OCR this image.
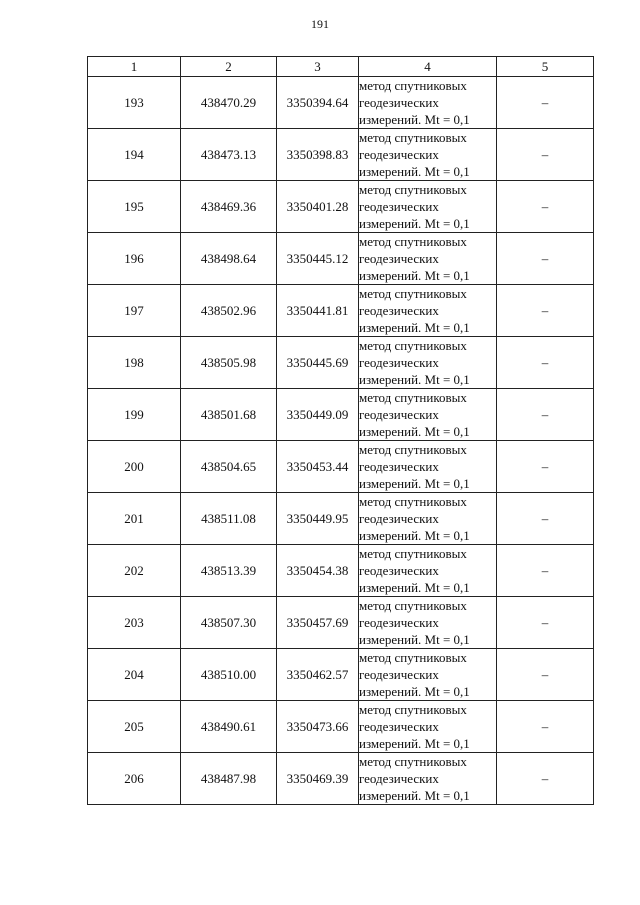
191
1	2	3	4	5
193	438470.29	3350394.64	метод спутниковых
геодезических
измерений. Mt = 0,1	–
194	438473.13	3350398.83	метод спутниковых
геодезических
измерений. Mt = 0,1	–
195	438469.36	3350401.28	метод спутниковых
геодезических
измерений. Mt = 0,1	–
196	438498.64	3350445.12	метод спутниковых
геодезических
измерений. Mt = 0,1	–
197	438502.96	3350441.81	метод спутниковых
геодезических
измерений. Mt = 0,1	–
198	438505.98	3350445.69	метод спутниковых
геодезических
измерений. Mt = 0,1	–
199	438501.68	3350449.09	метод спутниковых
геодезических
измерений. Mt = 0,1	–
200	438504.65	3350453.44	метод спутниковых
геодезических
измерений. Mt = 0,1	–
201	438511.08	3350449.95	метод спутниковых
геодезических
измерений. Mt = 0,1	–
202	438513.39	3350454.38	метод спутниковых
геодезических
измерений. Mt = 0,1	–
203	438507.30	3350457.69	метод спутниковых
геодезических
измерений. Mt = 0,1	–
204	438510.00	3350462.57	метод спутниковых
геодезических
измерений. Mt = 0,1	–
205	438490.61	3350473.66	метод спутниковых
геодезических
измерений. Mt = 0,1	–
206	438487.98	3350469.39	метод спутниковых
геодезических
измерений. Mt = 0,1	–
